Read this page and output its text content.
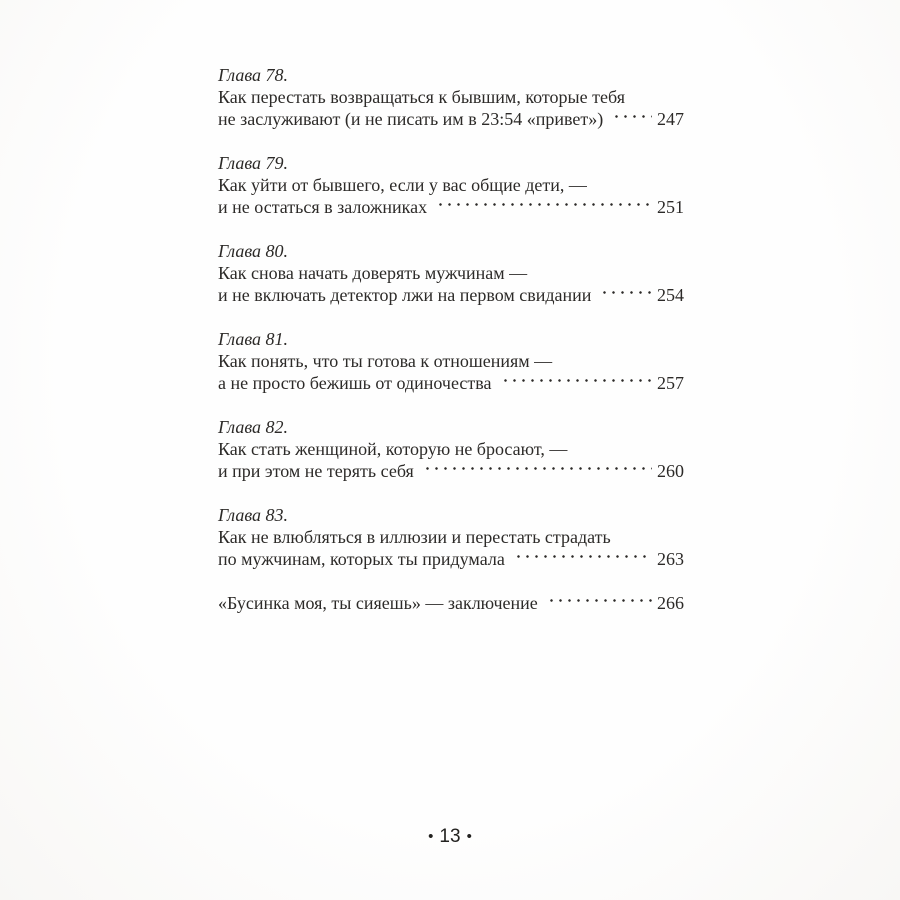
Глава 78.
Как перестать возвращаться к бывшим, которые тебя
не заслуживают (и не писать им в 23:54 «привет»)	247
Глава 79.
Как уйти от бывшего, если у вас общие дети, —
и не остаться в заложниках	251
Глава 80.
Как снова начать доверять мужчинам —
и не включать детектор лжи на первом свидании	254
Глава 81.
Как понять, что ты готова к отношениям —
а не просто бежишь от одиночества	257
Глава 82.
Как стать женщиной, которую не бросают, —
и при этом не терять себя	260
Глава 83.
Как не влюбляться в иллюзии и перестать страдать
по мужчинам, которых ты придумала	263
«Бусинка моя, ты сияешь» — заключение	266
• 13 •
